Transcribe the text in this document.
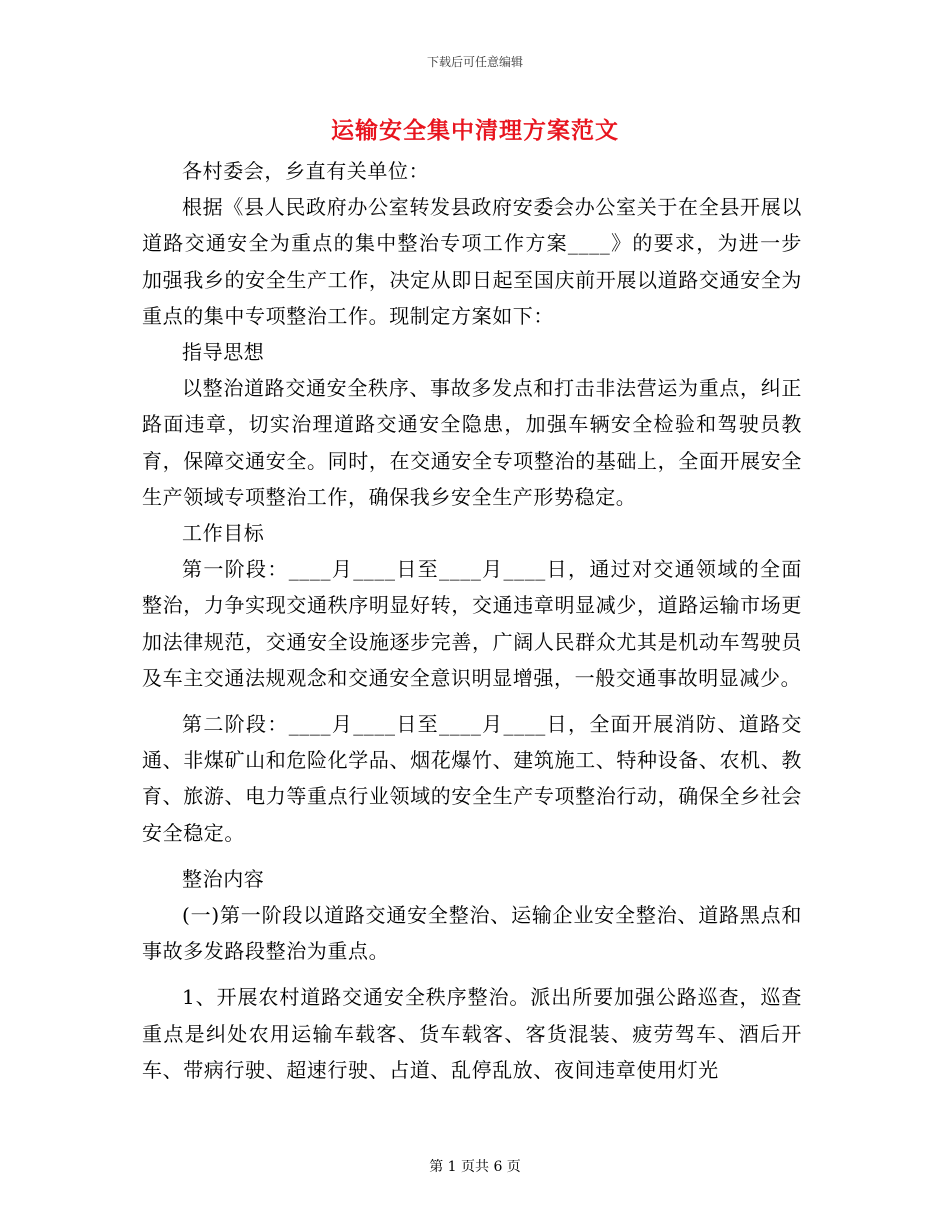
下载后可任意编辑
运输安全集中清理方案范文

各村委会，乡直有关单位：

根据《县人民政府办公室转发县政府安委会办公室关于在全县开展以道路交通安全为重点的集中整治专项工作方案____》的要求，为进一步加强我乡的安全生产工作，决定从即日起至国庆前开展以道路交通安全为重点的集中专项整治工作。现制定方案如下：

指导思想

以整治道路交通安全秩序、事故多发点和打击非法营运为重点，纠正路面违章，切实治理道路交通安全隐患，加强车辆安全检验和驾驶员教育，保障交通安全。同时，在交通安全专项整治的基础上，全面开展安全生产领域专项整治工作，确保我乡安全生产形势稳定。

工作目标

第一阶段：____月____日至____月____日，通过对交通领域的全面整治，力争实现交通秩序明显好转，交通违章明显减少，道路运输市场更加法律规范，交通安全设施逐步完善，广阔人民群众尤其是机动车驾驶员及车主交通法规观念和交通安全意识明显增强，一般交通事故明显减少。

第二阶段：____月____日至____月____日，全面开展消防、道路交通、非煤矿山和危险化学品、烟花爆竹、建筑施工、特种设备、农机、教育、旅游、电力等重点行业领域的安全生产专项整治行动，确保全乡社会安全稳定。

整治内容

(一)第一阶段以道路交通安全整治、运输企业安全整治、道路黑点和事故多发路段整治为重点。

1、开展农村道路交通安全秩序整治。派出所要加强公路巡查，巡查重点是纠处农用运输车载客、货车载客、客货混装、疲劳驾车、酒后开车、带病行驶、超速行驶、占道、乱停乱放、夜间违章使用灯光

第 1 页共 6 页
